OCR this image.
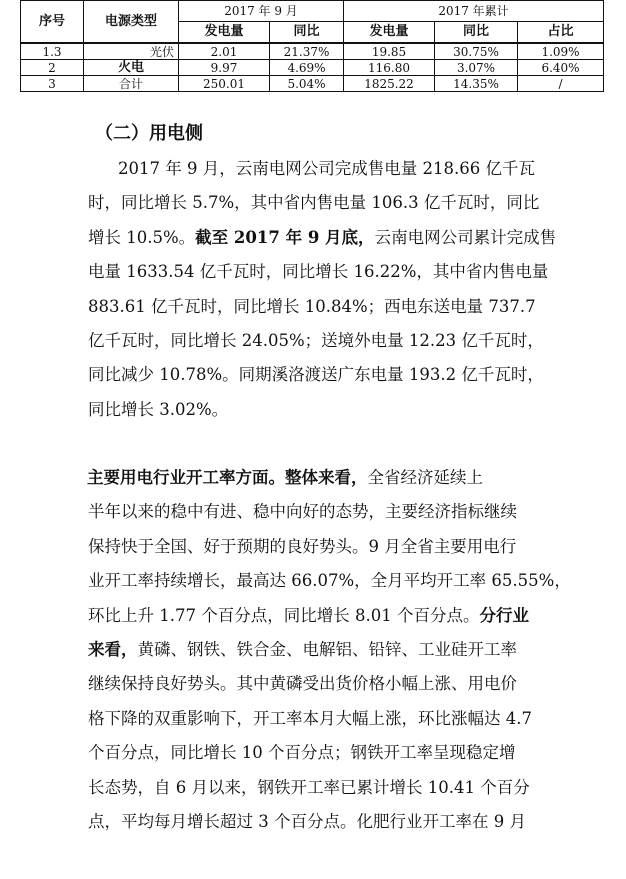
序号	电源类型	2017 年 9 月		2017 年累计		
		发电量	同比	发电量	同比	占比
1.3	光伏	2.01	21.37%	19.85	30.75%	1.09%
2	火电	9.97	4.69%	116.80	3.07%	6.40%
3	合计	250.01	5.04%	1825.22	14.35%	/
（二）用电侧
2017 年 9 月，云南电网公司完成售电量 218.66 亿千瓦
时，同比增长 5.7%，其中省内售电量 106.3 亿千瓦时，同比
增长 10.5%。截至 2017 年 9 月底，云南电网公司累计完成售
电量 1633.54 亿千瓦时，同比增长 16.22%，其中省内售电量
883.61 亿千瓦时，同比增长 10.84%；西电东送电量 737.7
亿千瓦时，同比增长 24.05%；送境外电量 12.23 亿千瓦时，
同比减少 10.78%。同期溪洛渡送广东电量 193.2 亿千瓦时，
同比增长 3.02%。
主要用电行业开工率方面。整体来看，全省经济延续上
半年以来的稳中有进、稳中向好的态势，主要经济指标继续
保持快于全国、好于预期的良好势头。9 月全省主要用电行
业开工率持续增长，最高达 66.07%，全月平均开工率 65.55%，
环比上升 1.77 个百分点，同比增长 8.01 个百分点。分行业
来看，黄磷、钢铁、铁合金、电解铝、铅锌、工业硅开工率
继续保持良好势头。其中黄磷受出货价格小幅上涨、用电价
格下降的双重影响下，开工率本月大幅上涨，环比涨幅达 4.7
个百分点，同比增长 10 个百分点；钢铁开工率呈现稳定增
长态势，自 6 月以来，钢铁开工率已累计增长 10.41 个百分
点，平均每月增长超过 3 个百分点。化肥行业开工率在 9 月
